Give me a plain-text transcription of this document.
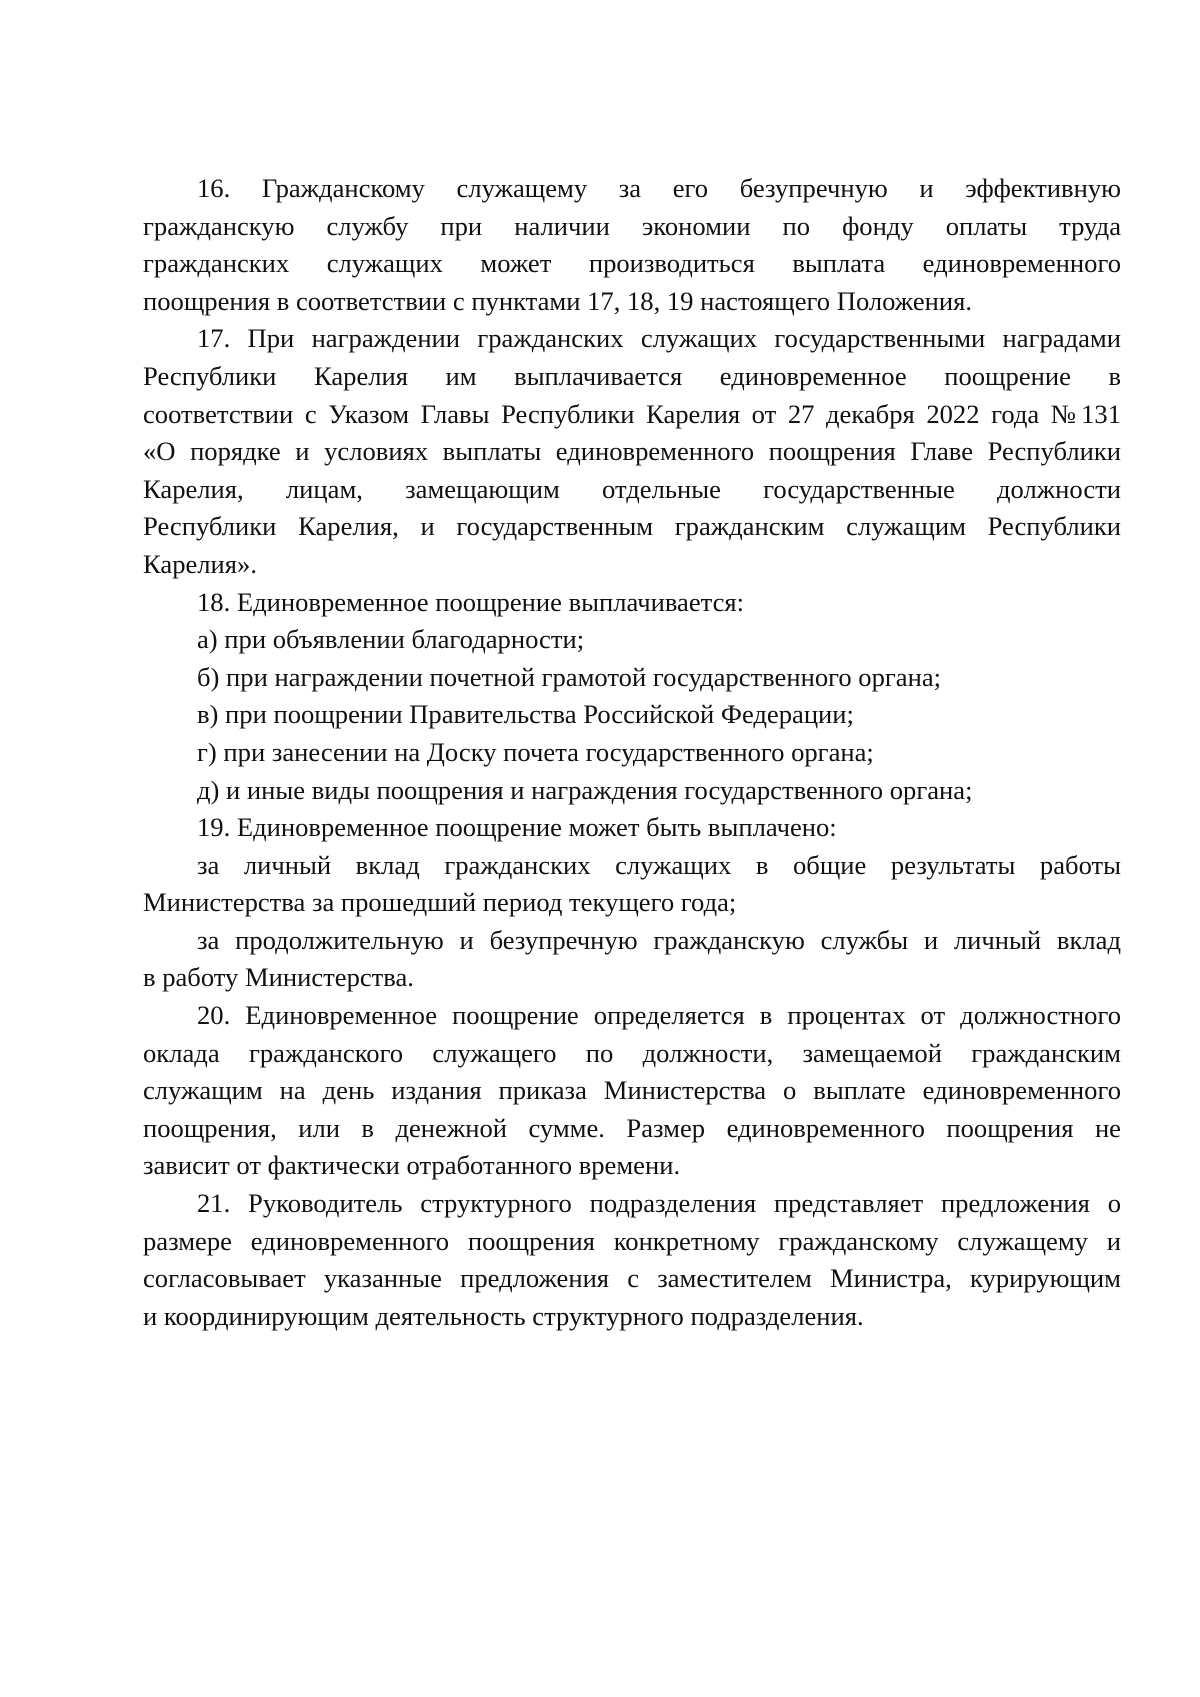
16. Гражданскому служащему за его безупречную и эффективную
гражданскую службу при наличии экономии по фонду оплаты труда
гражданских служащих может производиться выплата единовременного
поощрения в соответствии с пунктами 17, 18, 19 настоящего Положения.
17. При награждении гражданских служащих государственными наградами
Республики Карелия им выплачивается единовременное поощрение в
соответствии с Указом Главы Республики Карелия от 27 декабря 2022 года №131
«О порядке и условиях выплаты единовременного поощрения Главе Республики
Карелия, лицам, замещающим отдельные государственные должности
Республики Карелия, и государственным гражданским служащим Республики
Карелия».
18. Единовременное поощрение выплачивается:
а) при объявлении благодарности;
б) при награждении почетной грамотой государственного органа;
в) при поощрении Правительства Российской Федерации;
г) при занесении на Доску почета государственного органа;
д) и иные виды поощрения и награждения государственного органа;
19. Единовременное поощрение может быть выплачено:
за личный вклад гражданских служащих в общие результаты работы
Министерства за прошедший период текущего года;
за продолжительную и безупречную гражданскую службы и личный вклад
в работу Министерства.
20. Единовременное поощрение определяется в процентах от должностного
оклада гражданского служащего по должности, замещаемой гражданским
служащим на день издания приказа Министерства о выплате единовременного
поощрения, или в денежной сумме. Размер единовременного поощрения не
зависит от фактически отработанного времени.
21. Руководитель структурного подразделения представляет предложения о
размере единовременного поощрения конкретному гражданскому служащему и
согласовывает указанные предложения с заместителем Министра, курирующим
и координирующим деятельность структурного подразделения.
